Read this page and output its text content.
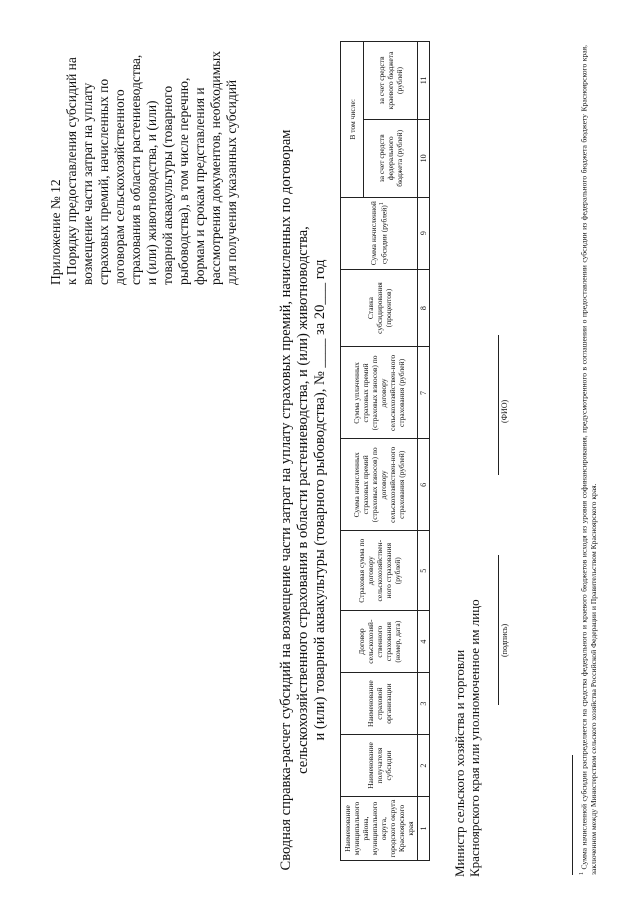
Приложение № 12 к Порядку предоставления субсидий на возмещение части затрат на уплату страховых премий, начисленных по договорам сельскохозяйственного страхования в области растениеводства, и (или) животноводства, и (или) товарной аквакультуры (товарного рыбоводства), в том числе перечню, формам и срокам представления и рассмотрения документов, необходимых для получения указанных субсидий	Сводная справка-расчет субсидий на возмещение части затрат на уплату страховых премий, начисленных по договорам сельскохозяйственного страхования в области растениеводства, и (или) животноводства, и (или) товарной аквакультуры (товарного рыбоводства), № ____ за 20___ год
Наименование муниципального района, муниципального округа, городского округа Красноярского края	Наименование получателя субсидии	Наименование страховой организации	Договор сельскохозяй-ственного страхования (номер, дата)	Страховая сумма по договору сельскохозяйствен-ного страхования (рублей)	Сумма начисленных страховых премий (страховых взносов) по договору сельскохозяйствен-ного страхования (рублей)	Сумма уплаченных страховых премий (страховых взносов) по договору сельскохозяйствен-ного страхования (рублей)	Ставка субсидирования (процентов)	Сумма начисленной субсидии (рублей)$^1$	В том числе:	
									за счет средств федерального бюджета (рублей)	за счет средств краевого бюджета (рублей)
1	2	3	4	5	6	7	8	9	10	11
Министр сельского хозяйства и торговли Красноярского края или уполномоченное им лицо (подпись)
(ФИО)
$^1$ Сумма начисленной субсидии распределяется на средства федерального и краевого бюджетов исходя из уровня софинансирования, предусмотренного в соглашении о предоставлении субсидии из федерального бюджета бюджету Красноярского края, заключенном между Министерством сельского хозяйства Российской Федерации и Правительством Красноярского края.
